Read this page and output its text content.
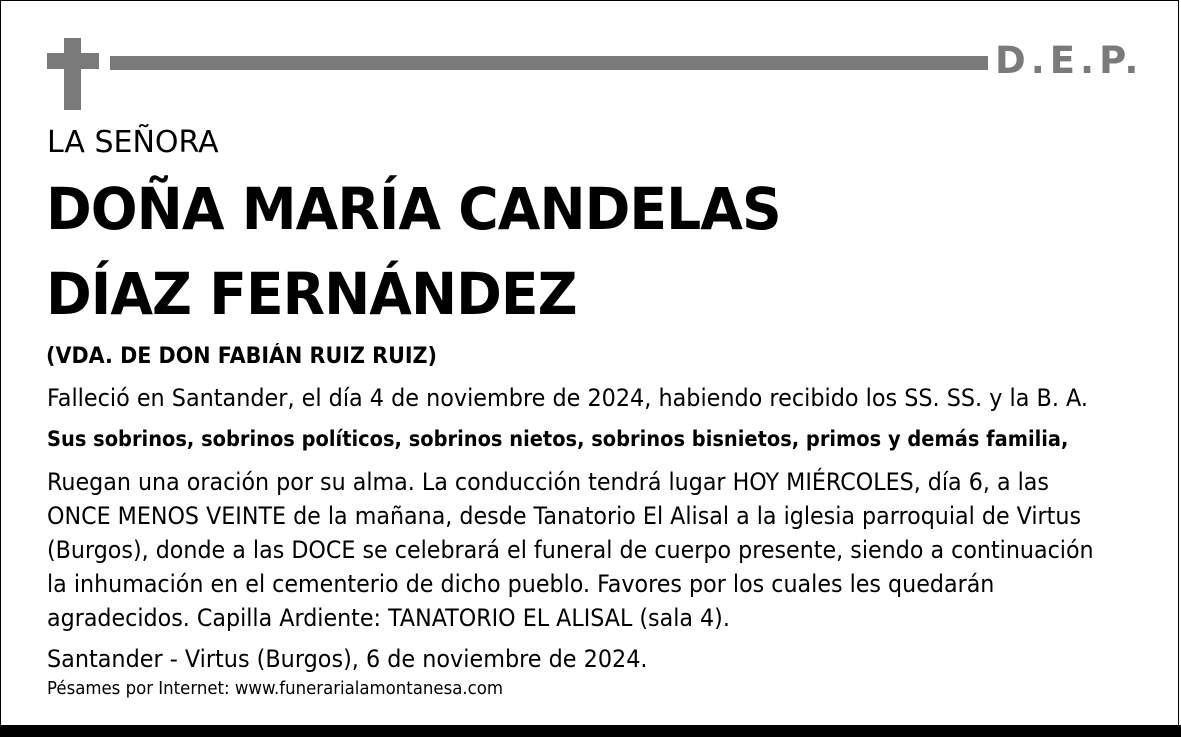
D.E.P.
LA SEÑORA
DOÑA MARÍA CANDELAS
DÍAZ FERNÁNDEZ
(VDA. DE DON FABIÁN RUIZ RUIZ)
Falleció en Santander, el día 4 de noviembre de 2024, habiendo recibido los SS. SS. y la B. A.
Sus sobrinos, sobrinos políticos, sobrinos nietos, sobrinos bisnietos, primos y demás familia,
Ruegan una oración por su alma. La conducción tendrá lugar HOY MIÉRCOLES, día 6, a las
ONCE MENOS VEINTE de la mañana, desde Tanatorio El Alisal a la iglesia parroquial de Virtus
(Burgos), donde a las DOCE se celebrará el funeral de cuerpo presente, siendo a continuación
la inhumación en el cementerio de dicho pueblo. Favores por los cuales les quedarán
agradecidos. Capilla Ardiente: TANATORIO EL ALISAL (sala 4).
Santander - Virtus (Burgos), 6 de noviembre de 2024.
Pésames por Internet: www.funerarialamontanesa.com
